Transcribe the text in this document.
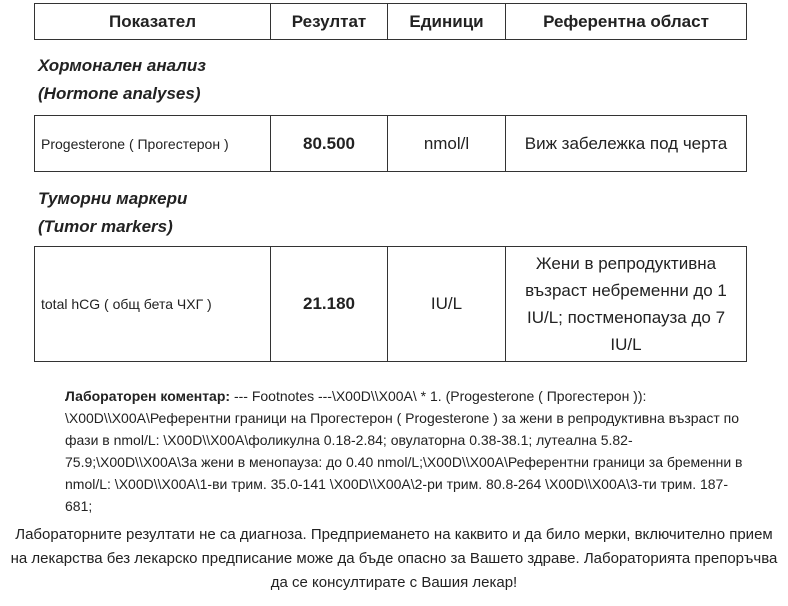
Показател	Резултат	Единици	Референтна област
Хормонален анализ
(Hormone analyses)
Progesterone ( Прогестерон )	80.500	nmol/l	Виж забележка под черта
Туморни маркери
(Tumor markers)
total hCG ( общ бета ЧХГ )	21.180	IU/L	Жени в репродуктивна възраст небременни до 1 IU/L; постменопауза до 7 IU/L
Лабораторен коментар: --- Footnotes ---\X00D\\X00A\ * 1. (Progesterone ( Прогестерон )): \X00D\\X00A\Референтни граници на Прогестерон ( Progesterone ) за жени в репродуктивна възраст по фази в nmol/L: \X00D\\X00A\фоликулна 0.18-2.84; овулаторна 0.38-38.1; лутеална 5.82-75.9;\X00D\\X00A\За жени в менопауза: до 0.40 nmol/L;\X00D\\X00A\Референтни граници за бременни в nmol/L: \X00D\\X00A\1-ви трим. 35.0-141 \X00D\\X00A\2-ри трим. 80.8-264 \X00D\\X00A\3-ти трим. 187-681;
Лабораторните резултати не са диагноза. Предприемането на каквито и да било мерки, включително прием на лекарства без лекарско предписание може да бъде опасно за Вашето здраве. Лабораторията препоръчва да се консултирате с Вашия лекар!
